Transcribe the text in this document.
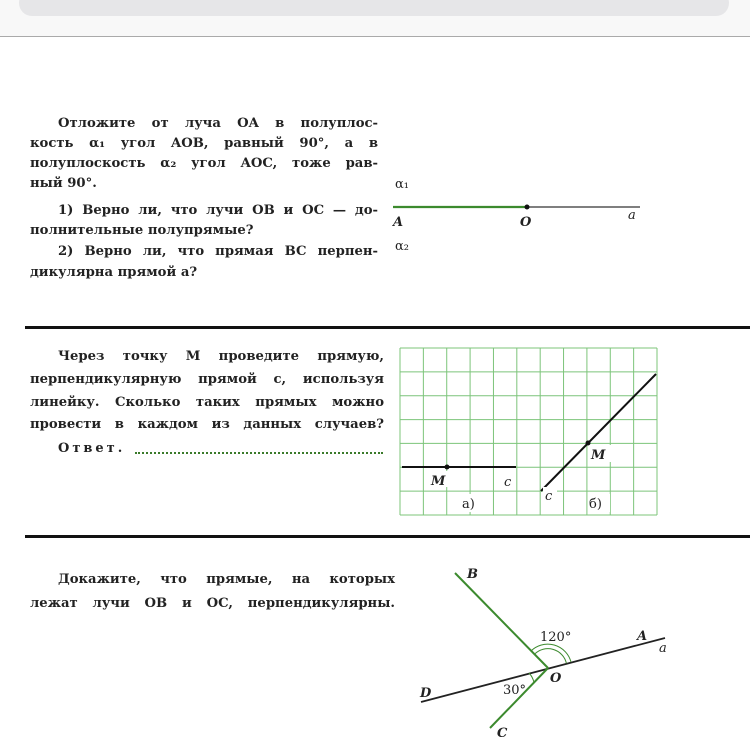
Отложите от луча OA в полуплос-
кость α₁ угол AOB, равный 90°, а в
полуплоскость α₂ угол AOC, тоже рав-
ный 90°.
1) Верно ли, что лучи OB и OC — до-
полнительные полупрямые?
2) Верно ли, что прямая BC перпен-
дикулярна прямой a?
Через точку M проведите прямую,
перпендикулярную прямой c, используя
линейку. Сколько таких прямых можно
провести в каждом из данных случаев?
Ответ.
Докажите, что прямые, на которых
лежат лучи OB и OC, перпендикулярны.
α₁
A	O	a
α₂
M	c
M
c
а)	б)
B
A
a
D
C
O
120°
30°
